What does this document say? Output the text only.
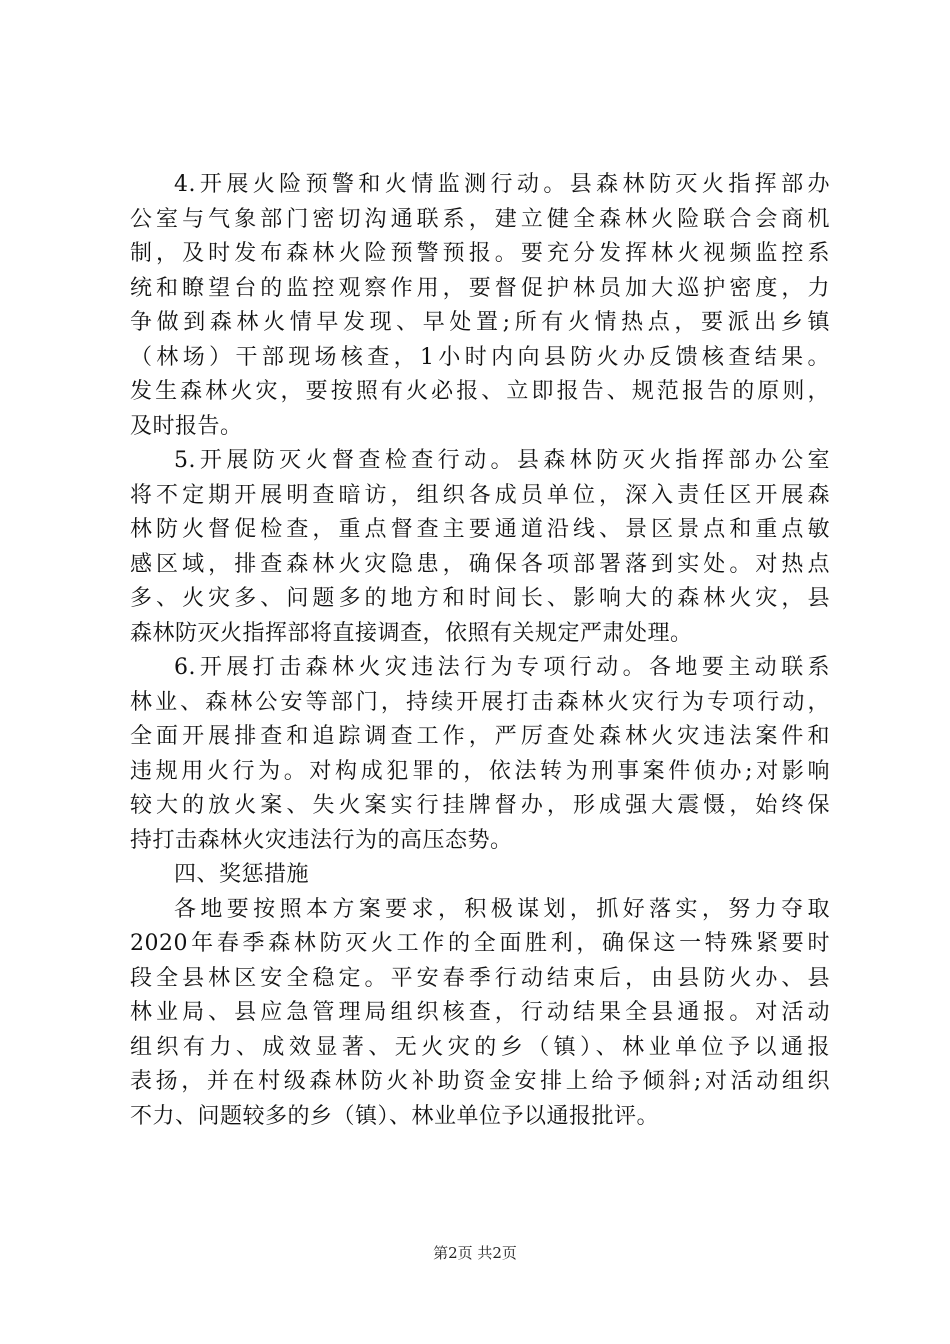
4.开展火险预警和火情监测行动。县森林防灭火指挥部办
公室与气象部门密切沟通联系，建立健全森林火险联合会商机
制，及时发布森林火险预警预报。要充分发挥林火视频监控系
统和瞭望台的监控观察作用，要督促护林员加大巡护密度，力
争做到森林火情早发现、早处置;所有火情热点，要派出乡镇
（林场）干部现场核查，1小时内向县防火办反馈核查结果。
发生森林火灾，要按照有火必报、立即报告、规范报告的原则，
及时报告。
5.开展防灭火督查检查行动。县森林防灭火指挥部办公室
将不定期开展明查暗访，组织各成员单位，深入责任区开展森
林防火督促检查，重点督查主要通道沿线、景区景点和重点敏
感区域，排查森林火灾隐患，确保各项部署落到实处。对热点
多、火灾多、问题多的地方和时间长、影响大的森林火灾，县
森林防灭火指挥部将直接调查，依照有关规定严肃处理。
6.开展打击森林火灾违法行为专项行动。各地要主动联系
林业、森林公安等部门，持续开展打击森林火灾行为专项行动，
全面开展排查和追踪调查工作，严厉查处森林火灾违法案件和
违规用火行为。对构成犯罪的，依法转为刑事案件侦办;对影响
较大的放火案、失火案实行挂牌督办，形成强大震慑，始终保
持打击森林火灾违法行为的高压态势。
四、奖惩措施
各地要按照本方案要求，积极谋划，抓好落实，努力夺取
2020年春季森林防灭火工作的全面胜利，确保这一特殊紧要时
段全县林区安全稳定。平安春季行动结束后，由县防火办、县
林业局、县应急管理局组织核查，行动结果全县通报。对活动
组织有力、成效显著、无火灾的乡（镇）、林业单位予以通报
表扬，并在村级森林防火补助资金安排上给予倾斜;对活动组织
不力、问题较多的乡（镇）、林业单位予以通报批评。
第2页 共2页
